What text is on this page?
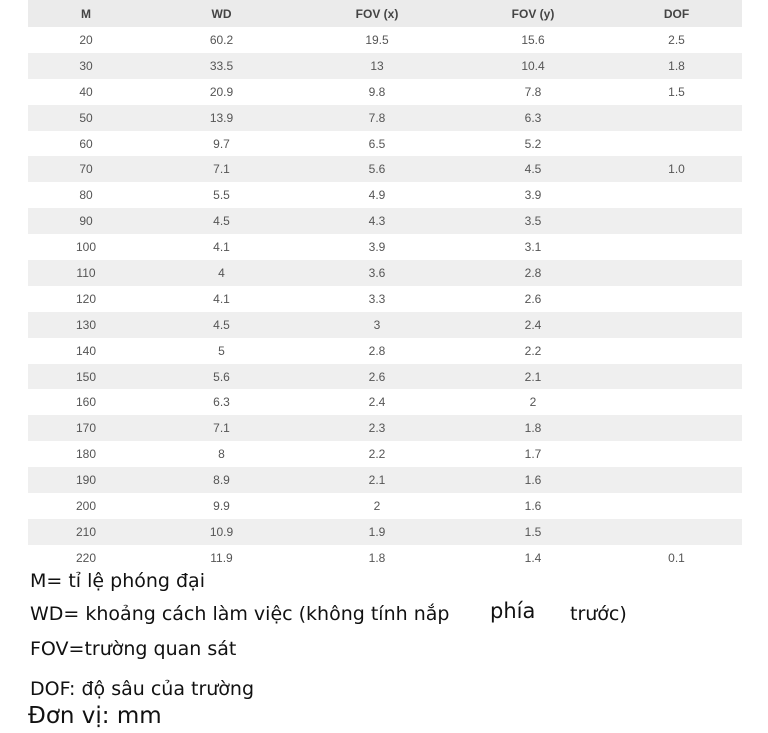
M	WD	FOV (x)	FOV (y)	DOF
20	60.2	19.5	15.6	2.5
30	33.5	13	10.4	1.8
40	20.9	9.8	7.8	1.5
50	13.9	7.8	6.3	
60	9.7	6.5	5.2	
70	7.1	5.6	4.5	1.0
80	5.5	4.9	3.9	
90	4.5	4.3	3.5	
100	4.1	3.9	3.1	
110	4	3.6	2.8	
120	4.1	3.3	2.6	
130	4.5	3	2.4	
140	5	2.8	2.2	
150	5.6	2.6	2.1	
160	6.3	2.4	2	
170	7.1	2.3	1.8	
180	8	2.2	1.7	
190	8.9	2.1	1.6	
200	9.9	2	1.6	
210	10.9	1.9	1.5	
220	11.9	1.8	1.4	0.1
M= tỉ lệ phóng đại
WD= khoảng cách làm việc (không tính nắp phía trước)
FOV=trường quan sát
DOF: độ sâu của trường
Đơn vị: mm
